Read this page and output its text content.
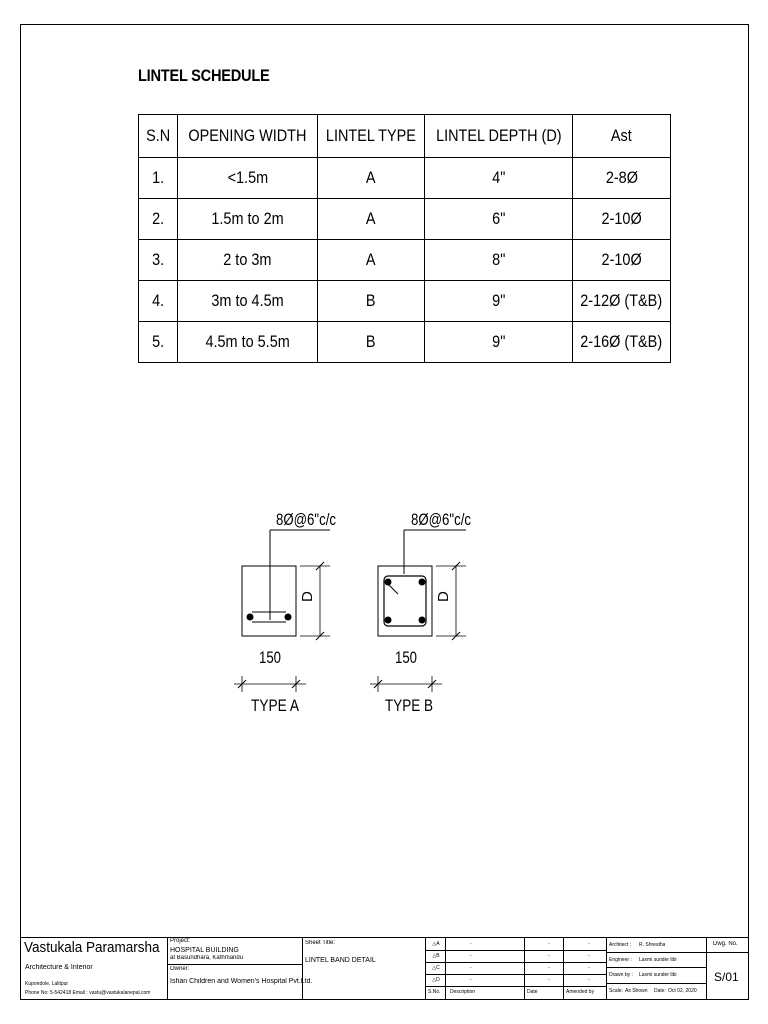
LINTEL SCHEDULE
S.N	OPENING WIDTH	LINTEL TYPE	LINTEL DEPTH (D)	Ast
1.	<1.5m	A	4"	2-8Ø
2.	1.5m to 2m	A	6"	2-10Ø
3.	2 to 3m	A	8"	2-10Ø
4.	3m to 4.5m	B	9"	2-12Ø (T&B)
5.	4.5m to 5.5m	B	9"	2-16Ø (T&B)
8Ø@6"c/c
D
150
TYPE A
8Ø@6"c/c
D
150
TYPE B
Vastukala Paramarsha
Architecture & Interior
Kupondole, Lalitpur
Phone No: 5-542418 Email : vastu@vastukalanepal.com
Project:
HOSPITAL BUILDING
at Basundhara, Kathmandu
Owner:
Ishan Children and Women's Hospital Pvt.Ltd.
Sheet Title:
LINTEL BAND DETAIL
△A	-	-	-
△B	-	-	-
△C	-	-	-
△D	-	-	-
S.No. Description	Date	Amended by
Architect : R. Shrestha
Engineer : Laxmi sunder libi
Drawn by : Laxmi sunder libi
Scale: As Shown Date: Oct 02, 2020
Dwg. No.
S/01
